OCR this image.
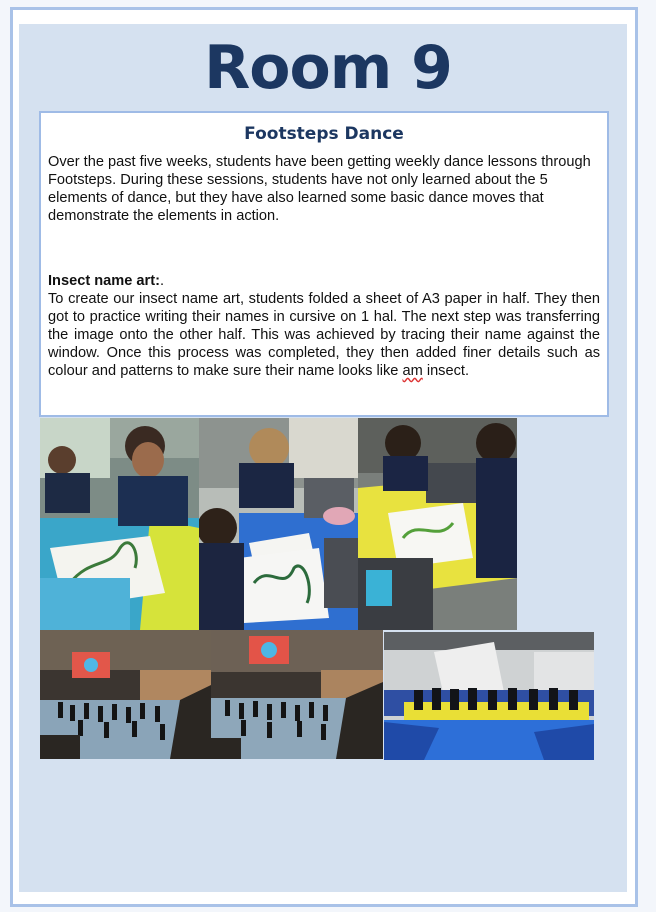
Room 9
Footsteps Dance

Over the past five weeks, students have been getting weekly dance lessons through Footsteps. During these sessions, students have not only learned about the 5 elements of dance, but they have also learned some basic dance moves that demonstrate the elements in action.

Insect name art:.

To create our insect name art, students folded a sheet of A3 paper in half. They then got to practice writing their names in cursive on 1 hal. The next step was transferring the image onto the other half. This was achieved by tracing their name against the window. Once this process was completed, they then added finer details such as colour and patterns to make sure their name looks like am insect.
